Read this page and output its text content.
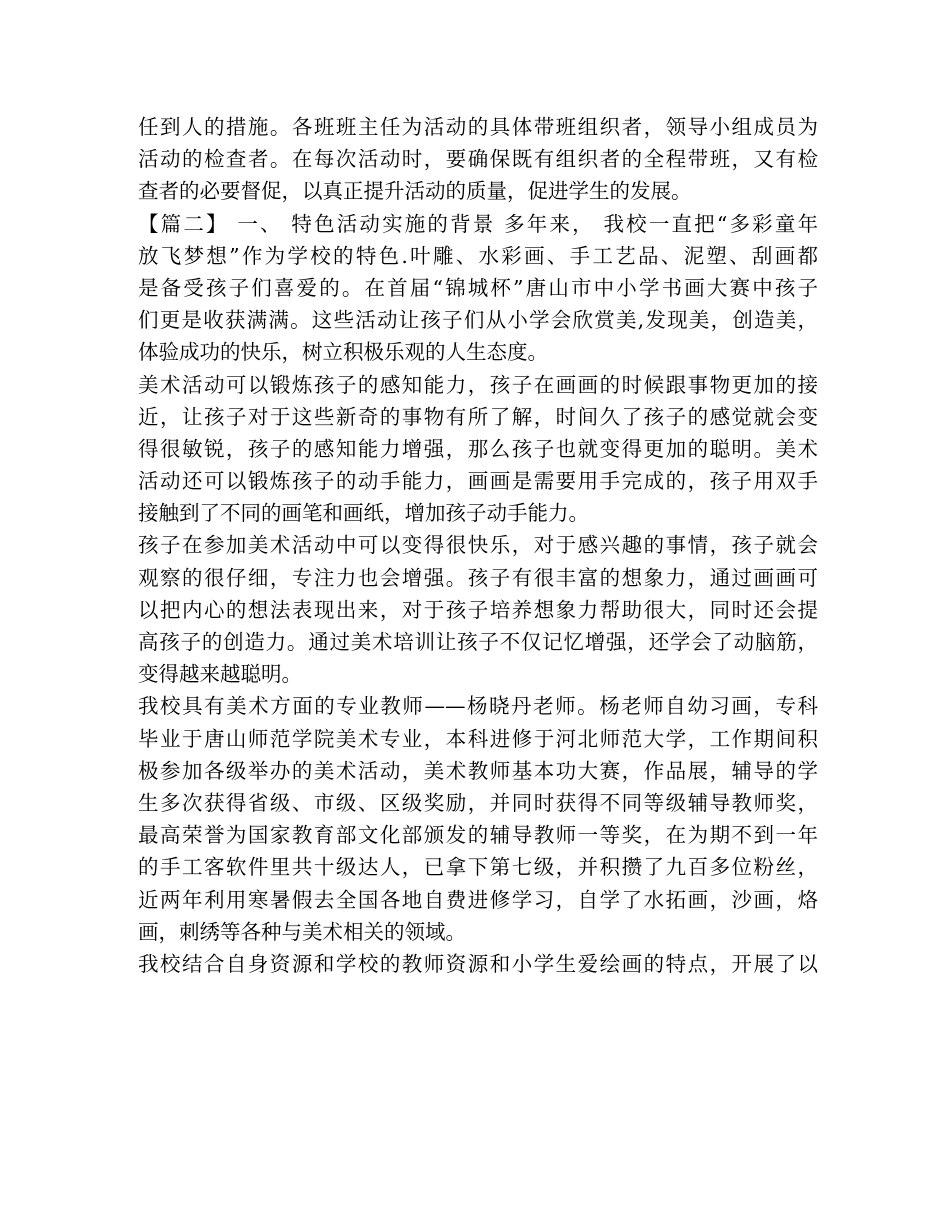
任到人的措施。各班班主任为活动的具体带班组织者，领导小组成员为
活动的检查者。在每次活动时，要确保既有组织者的全程带班，又有检
查者的必要督促，以真正提升活动的质量，促进学生的发展。
【篇二】 一、 特色活动实施的背景 多年来， 我校一直把“多彩童年
放飞梦想”作为学校的特色.叶雕、水彩画、手工艺品、泥塑、刮画都
是备受孩子们喜爱的。在首届“锦城杯”唐山市中小学书画大赛中孩子
们更是收获满满。这些活动让孩子们从小学会欣赏美,发现美，创造美，
体验成功的快乐，树立积极乐观的人生态度。
美术活动可以锻炼孩子的感知能力，孩子在画画的时候跟事物更加的接
近，让孩子对于这些新奇的事物有所了解，时间久了孩子的感觉就会变
得很敏锐，孩子的感知能力增强，那么孩子也就变得更加的聪明。美术
活动还可以锻炼孩子的动手能力，画画是需要用手完成的，孩子用双手
接触到了不同的画笔和画纸，增加孩子动手能力。
孩子在参加美术活动中可以变得很快乐，对于感兴趣的事情，孩子就会
观察的很仔细，专注力也会增强。孩子有很丰富的想象力，通过画画可
以把内心的想法表现出来，对于孩子培养想象力帮助很大，同时还会提
高孩子的创造力。通过美术培训让孩子不仅记忆增强，还学会了动脑筋，
变得越来越聪明。
我校具有美术方面的专业教师——杨晓丹老师。杨老师自幼习画，专科
毕业于唐山师范学院美术专业，本科进修于河北师范大学，工作期间积
极参加各级举办的美术活动，美术教师基本功大赛，作品展，辅导的学
生多次获得省级、市级、区级奖励，并同时获得不同等级辅导教师奖，
最高荣誉为国家教育部文化部颁发的辅导教师一等奖，在为期不到一年
的手工客软件里共十级达人，已拿下第七级，并积攒了九百多位粉丝，
近两年利用寒暑假去全国各地自费进修学习，自学了水拓画，沙画，烙
画，刺绣等各种与美术相关的领域。
我校结合自身资源和学校的教师资源和小学生爱绘画的特点，开展了以
